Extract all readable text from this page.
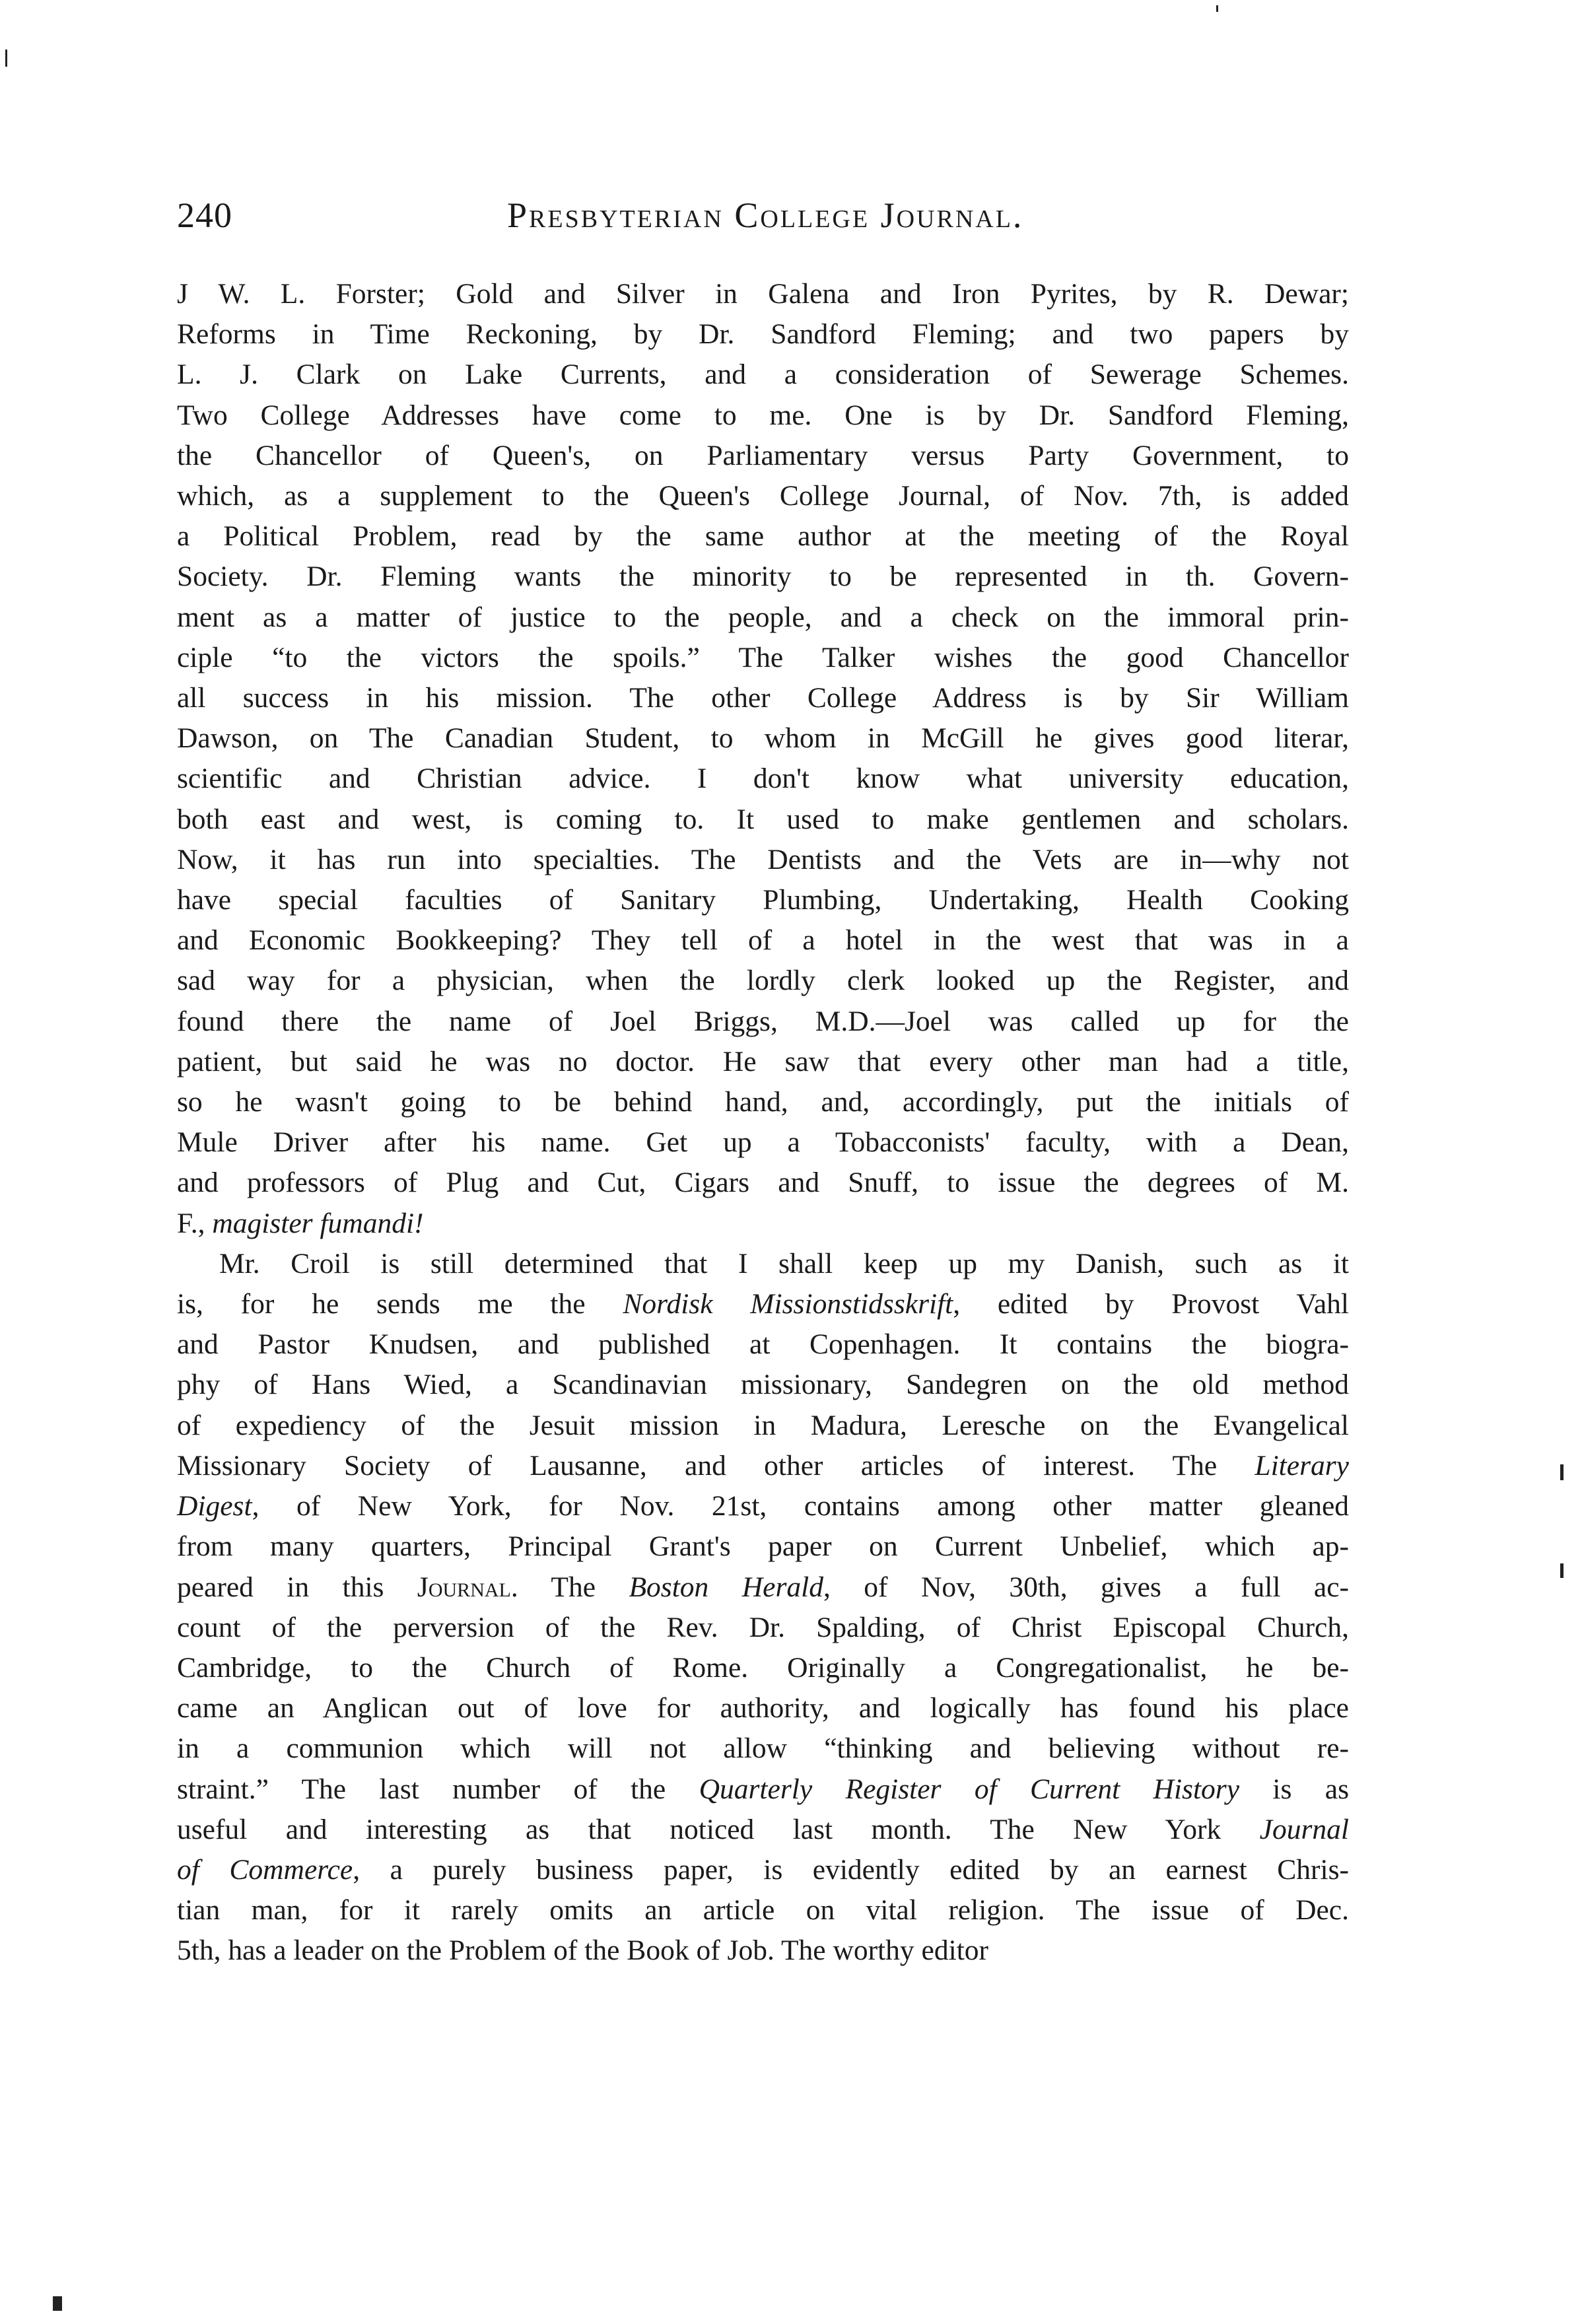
240	Presbyterian College Journal.
J W. L. Forster; Gold and Silver in Galena and Iron Pyrites, by R. Dewar;
Reforms in Time Reckoning, by Dr. Sandford Fleming; and two papers by
L. J. Clark on Lake Currents, and a consideration of Sewerage Schemes.
Two College Addresses have come to me. One is by Dr. Sandford Fleming,
the Chancellor of Queen's, on Parliamentary versus Party Government, to
which, as a supplement to the Queen's College Journal, of Nov. 7th, is added
a Political Problem, read by the same author at the meeting of the Royal
Society. Dr. Fleming wants the minority to be represented in th. Govern-
ment as a matter of justice to the people, and a check on the immoral prin-
ciple “to the victors the spoils.” The Talker wishes the good Chancellor
all success in his mission. The other College Address is by Sir William
Dawson, on The Canadian Student, to whom in McGill he gives good literar,
scientific and Christian advice. I don't know what university education,
both east and west, is coming to. It used to make gentlemen and scholars.
Now, it has run into specialties. The Dentists and the Vets are in—why not
have special faculties of Sanitary Plumbing, Undertaking, Health Cooking
and Economic Bookkeeping? They tell of a hotel in the west that was in a
sad way for a physician, when the lordly clerk looked up the Register, and
found there the name of Joel Briggs, M.D.—Joel was called up for the
patient, but said he was no doctor. He saw that every other man had a title,
so he wasn't going to be behind hand, and, accordingly, put the initials of
Mule Driver after his name. Get up a Tobacconists' faculty, with a Dean,
and professors of Plug and Cut, Cigars and Snuff, to issue the degrees of M.
F., magister fumandi!
Mr. Croil is still determined that I shall keep up my Danish, such as it
is, for he sends me the Nordisk Missionstidsskrift, edited by Provost Vahl
and Pastor Knudsen, and published at Copenhagen. It contains the biogra-
phy of Hans Wied, a Scandinavian missionary, Sandegren on the old method
of expediency of the Jesuit mission in Madura, Leresche on the Evangelical
Missionary Society of Lausanne, and other articles of interest. The Literary
Digest, of New York, for Nov. 21st, contains among other matter gleaned
from many quarters, Principal Grant's paper on Current Unbelief, which ap-
peared in this Journal. The Boston Herald, of Nov, 30th, gives a full ac-
count of the perversion of the Rev. Dr. Spalding, of Christ Episcopal Church,
Cambridge, to the Church of Rome. Originally a Congregationalist, he be-
came an Anglican out of love for authority, and logically has found his place
in a communion which will not allow “thinking and believing without re-
straint.” The last number of the Quarterly Register of Current History is as
useful and interesting as that noticed last month. The New York Journal
of Commerce, a purely business paper, is evidently edited by an earnest Chris-
tian man, for it rarely omits an article on vital religion. The issue of Dec.
5th, has a leader on the Problem of the Book of Job. The worthy editor
